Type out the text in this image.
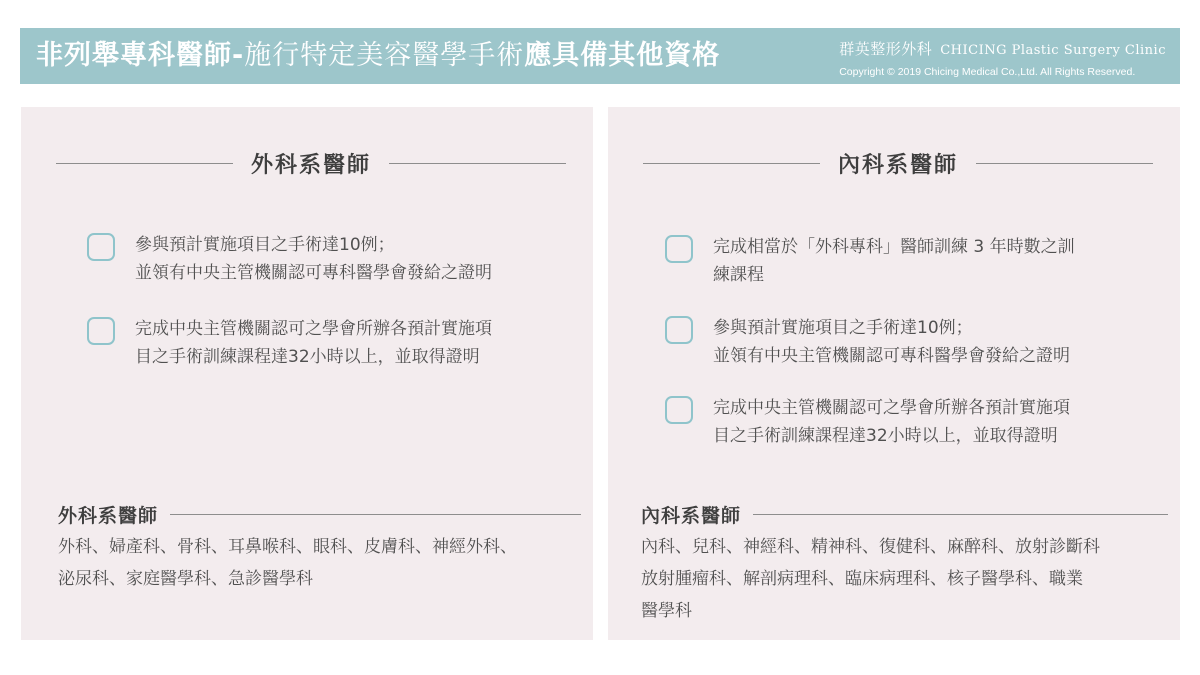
非列舉專科醫師-施行特定美容醫學手術應具備其他資格	群英整形外科 CHICING Plastic Surgery Clinic
Copyright © 2019 Chicing Medical Co.,Ltd. All Rights Reserved.
外科系醫師
參與預計實施項目之手術達10例；
並領有中央主管機關認可專科醫學會發給之證明
完成中央主管機關認可之學會所辦各預計實施項
目之手術訓練課程達32小時以上，並取得證明
外科系醫師
外科、婦產科、骨科、耳鼻喉科、眼科、皮膚科、神經外科、
泌尿科、家庭醫學科、急診醫學科
內科系醫師
完成相當於「外科專科」醫師訓練 3 年時數之訓
練課程
參與預計實施項目之手術達10例；
並領有中央主管機關認可專科醫學會發給之證明
完成中央主管機關認可之學會所辦各預計實施項
目之手術訓練課程達32小時以上，並取得證明
內科系醫師
內科、兒科、神經科、精神科、復健科、麻醉科、放射診斷科
放射腫瘤科、解剖病理科、臨床病理科、核子醫學科、職業
醫學科
